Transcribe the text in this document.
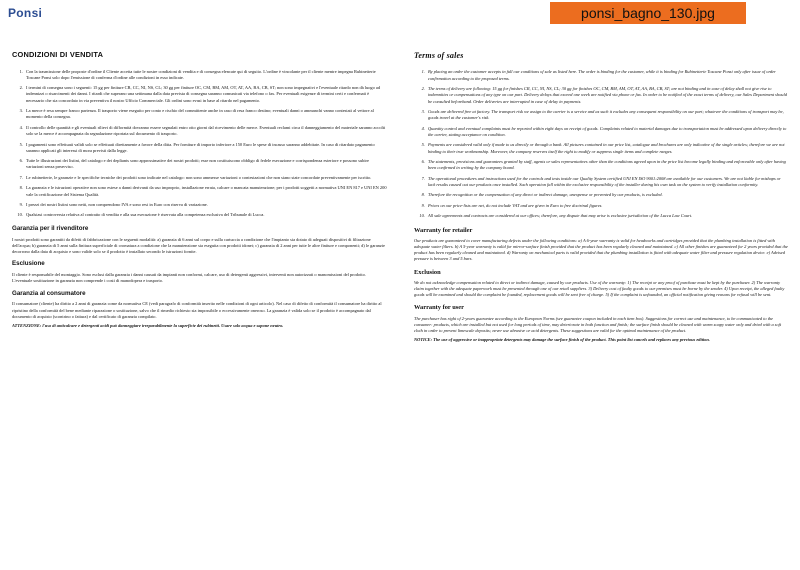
Ponsi	ponsi_bagno_130.jpg
CONDIZIONI DI VENDITA
1. Con la trasmissione delle proposte d'ordine il Cliente accetta tutte le nostre condizioni di vendita e di consegna elencate qui di seguito. L'ordine è vincolante per il cliente mentre impegna Rubinetterie Toscane Ponsi solo dopo l'emissione di conferma d'ordine alle condizioni in esso indicate.
2. I termini di consegna sono i seguenti: 15 gg per finiture CR, CC, NI, NS, CL; 30 gg per finiture OC, CM, BM, AM, OT, AT, AA, BA, CB, ST; non sono impegnativi e l'eventuale ritardo non dà luogo ad indennizzi o risarcimenti dei danni. I ritardi che superano una settimana dalla data prevista di consegna saranno comunicati via telefono o fax. Per eventuali esigenze di termini certi e confermati è necessario che sia concordato in via preventiva il nostro Ufficio Commerciale. Gli ordini sono evasi in base al ritardo nel pagamento.
3. La merce è resa sempre franco partenza. Il trasporto viene eseguito per conto e rischio del committente anche in caso di resa franco destino; eventuali danni o ammanchi vanno contestati al vettore al momento della consegna.
4. Il controllo delle quantità e gli eventuali rilievi di difformità dovranno essere segnalati entro otto giorni dal ricevimento delle merce. Eventuali reclami circa il danneggiamento del materiale saranno accolti solo se la merce è accompagnata da segnalazione riportata sul documento di trasporto.
5. I pagamenti sono effettuati validi solo se effettuati direttamente a favore della ditta. Per forniture di importo inferiore a 150 Euro le spese di incasso saranno addebitate. In caso di ritardato pagamento saranno applicati gli interessi di mora previsti dalla legge.
6. Tutte le illustrazioni dei listini, del catalogo e dei depliants sono approssimative dei nostri prodotti; esse non costituiscono obbligo di fedele esecuzione e corrispondenza esteriore e possono subire variazioni senza preavviso.
7. Le rubinetterie, le garanzie e le specifiche tecniche dei prodotti sono indicate nel catalogo: non sono ammesse variazioni o contestazioni che non siano state concordate preventivamente per iscritto.
8. La garanzia e le istruzioni operative non sono estese a danni derivanti da uso improprio, installazione errata, calcare o mancata manutenzione; per i prodotti soggetti a normativa UNI EN 817 e UNI EN 200 vale la certificazione del Sistema Qualità.
9. I prezzi dei nostri listini sono netti, non comprendono IVA e sono resi in Euro con riserva di variazione.
10. Qualsiasi controversia relativa al contratto di vendita e alla sua esecuzione è riservata alla competenza esclusiva del Tribunale di Lucca.
Garanzia per il rivenditore

I nostri prodotti sono garantiti da difetti di fabbricazione con le seguenti modalità: a) garanzia di 6 anni sul corpo e sulla cartuccia a condizione che l'impianto sia dotato di adeguati dispositivi di filtrazione dell'acqua; b) garanzia di 5 anni sulla finitura superficiale di cromatura a condizione che la manutenzione sia eseguita con prodotti idonei; c) garanzia di 2 anni per tutte le altre finiture e componenti; d) le garanzie decorrono dalla data di acquisto e sono valide solo se il prodotto è installato secondo le istruzioni fornite.

Esclusione

Il cliente è responsabile del montaggio. Sono esclusi dalla garanzia i danni causati da impianti non conformi, calcare, uso di detergenti aggressivi, interventi non autorizzati o manomissioni del prodotto. L'eventuale sostituzione in garanzia non comprende i costi di manodopera e trasporto.

Garanzia al consumatore

Il consumatore (cliente) ha diritto a 2 anni di garanzia come da normativa CE (vedi paragrafo di conformità inserito nelle condizioni di ogni articolo). Nel caso di difetto di conformità il consumatore ha diritto al ripristino della conformità del bene mediante riparazione o sostituzione, salvo che il rimedio richiesto sia impossibile o eccessivamente oneroso. La garanzia è valida solo se il prodotto è accompagnato dal documento di acquisto (scontrino o fattura) e dal certificato di garanzia compilato.

ATTENZIONE: l'uso di anticalcare e detergenti acidi può danneggiare irreparabilmente la superficie dei rubinetti. Usare solo acqua e sapone neutro.

Terms of sales
1. By placing an order the customer accepts in full our conditions of sale as listed here. The order is binding for the customer, while it is binding for Rubinetterie Toscane Ponsi only after issue of order confirmation according to the proposed terms.
2. The terms of delivery are following: 15 gg for finishes CR, CC, NI, NS, CL; 30 gg for finishes OC, CM, BM, AM, OT, AT, AA, BA, CB, ST; are not binding and in case of delay shall not give rise to indemnities or compensations of any type on our part. Delivery delays that exceed one week are notified via phone or fax. In order to be notified of the exact terms of delivery, our Sales Department should be consulted beforehand. Order deliveries are interrupted in case of delay in payments.
3. Goods are delivered free at factory. The transport risk we assign to the carrier is a service and as such it excludes any consequent responsibility on our part; whatever the conditions of transport may be, goods travel at the customer's risk.
4. Quantity control and eventual complaints must be reported within eight days on receipt of goods. Complaints related to material damages due to transportation must be addressed upon delivery directly to the carrier, stating acceptance on condition.
5. Payments are considered valid only if made to us directly or through a bank. All pictures contained in our price list, catalogue and brochures are only indicative of the single articles; therefore we are not binding to their true workmanship. Moreover, the company reserves itself the right to modify or suppress single items and complete ranges.
6. The statements, provisions and guarantees granted by staff, agents or sales representatives other than the conditions agreed upon in the price list become legally binding and enforceable only after having been confirmed in writing by the company board.
7. The operational procedures and instructions used for the controls and tests inside our Quality System certified UNI EN ISO 9001:2008 are available for our customers. We are not liable for mishaps or lack results caused out our products once installed. Such operation fall within the exclusive responsibility of the installer during his own task on the system to verify installation conformity.
8. Therefore the recognition or the compensation of any direct or indirect damage, unexpense or prevented by our products, is excluded.
9. Prices on our price-lists are net, do not include VAT and are given in Euro to free doctrinal figures.
10. All sale agreements and contracts are considered at our offices; therefore, any dispute that may arise is exclusive jurisdiction of the Lucca Law Court.
Warranty for retailer

Our products are guaranteed to cover manufacturing defects under the following conditions: a) A 6-year warranty is valid for headworks and cartridges provided that the plumbing installation is fitted with adequate water filters. b) A 5-year warranty is valid for mirror-surface finish provided that the product has been regularly cleaned and maintained. c) All other finishes are guaranteed for 2 years provided that the product has been regularly cleaned and maintained. d) Warranty on mechanical parts is valid provided that the plumbing installation is fitted with adequate water filter and pressure regulation device. e) Advised pressure is between 3 and 5 bars.

Exclusion

We do not acknowledge compensation related to direct or indirect damage, caused by our products. Use of the warranty: 1) The receipt or any proof of purchase must be kept by the purchaser. 2) The warranty claim together with the adequate paperwork must be presented through one of our retail suppliers. 3) Delivery cost of faulty goods to our premises must be borne by the sender. 4) Upon receipt, the alleged faulty goods will be examined and should the complaint be founded, replacement goods will be sent free of charge. 5) If the complaint is unfounded, an official notification giving reasons for refusal will be sent.

Warranty for user

The purchaser has right of 2-years guarantee according to the European Norms (see guarantee coupon included in each item box). Suggestions for correct use and maintenance, to be communicated to the consumer: products, which are installed but not used for long periods of time, may deteriorate in both function and finish; the surface finish should be cleaned with warm soapy water only and dried with a soft cloth in order to prevent limescale deposits; never use abrasive or acid detergents. These suggestions are valid for the optimal maintenance of the product.

NOTICE: The use of aggressive or inappropriate detergents may damage the surface finish of the product. This point list cancels and replaces any previous edition.
